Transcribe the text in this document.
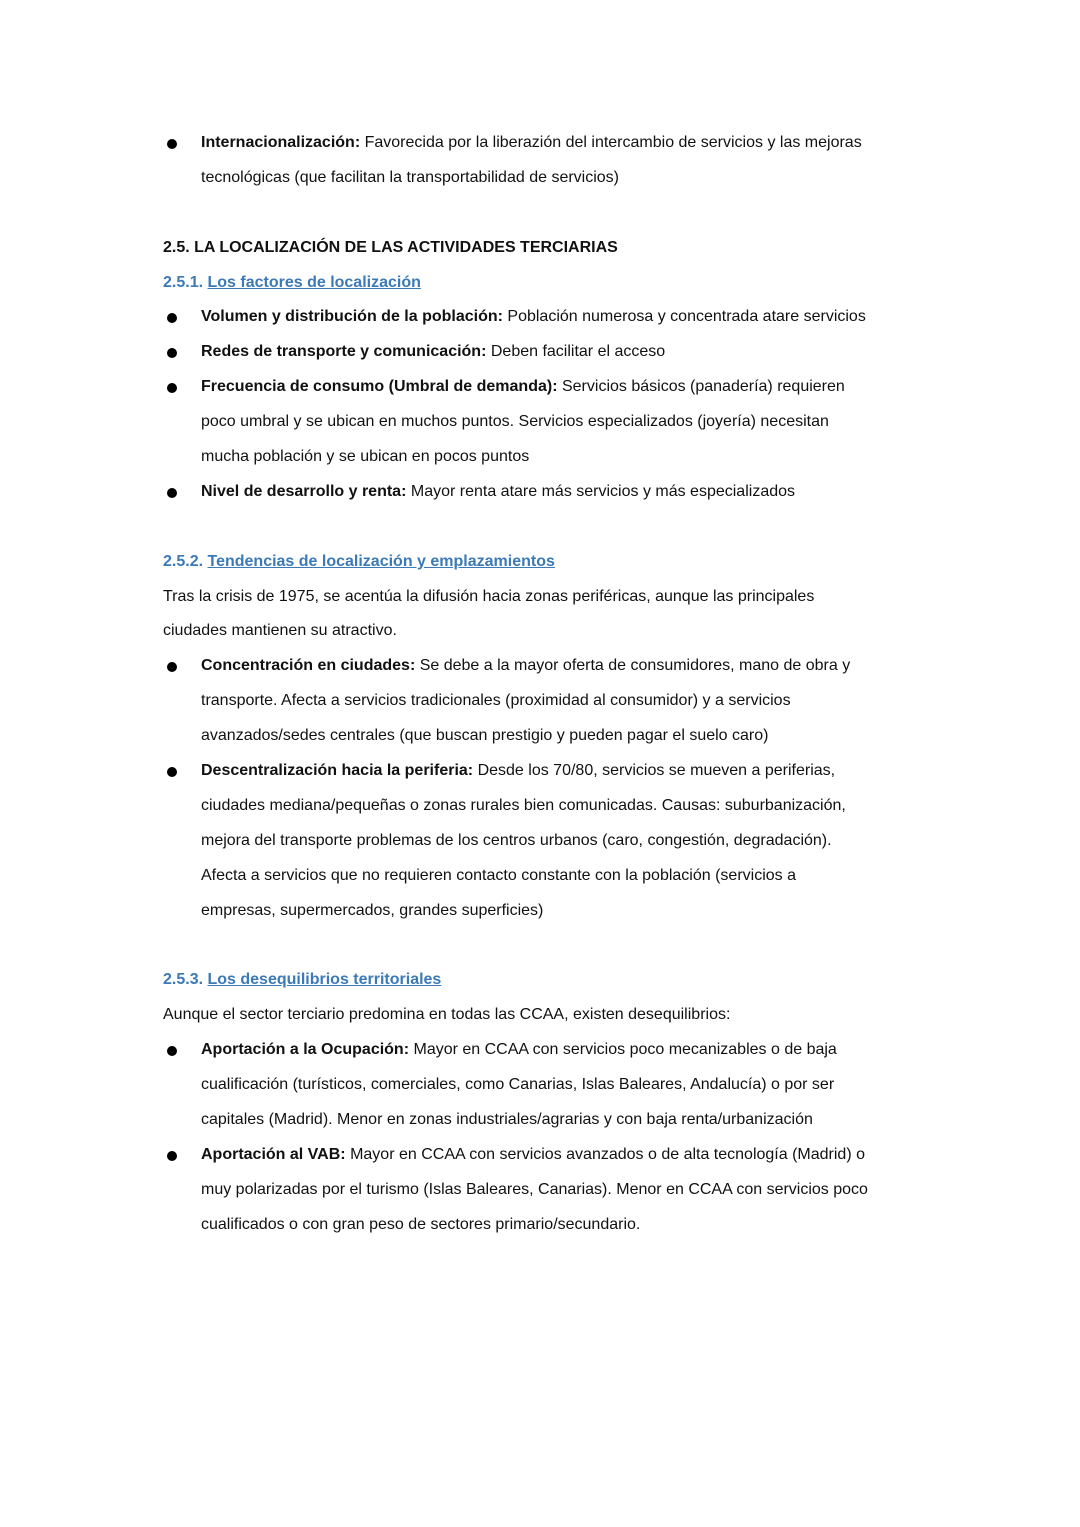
Internacionalización: Favorecida por la liberazión del intercambio de servicios y las mejoras
tecnológicas (que facilitan la transportabilidad de servicios)
2.5. LA LOCALIZACIÓN DE LAS ACTIVIDADES TERCIARIAS
2.5.1. Los factores de localización
Volumen y distribución de la población: Población numerosa y concentrada atare servicios
Redes de transporte y comunicación: Deben facilitar el acceso
Frecuencia de consumo (Umbral de demanda): Servicios básicos (panadería) requieren
poco umbral y se ubican en muchos puntos. Servicios especializados (joyería) necesitan
mucha población y se ubican en pocos puntos
Nivel de desarrollo y renta: Mayor renta atare más servicios y más especializados
2.5.2. Tendencias de localización y emplazamientos
Tras la crisis de 1975, se acentúa la difusión hacia zonas periféricas, aunque las principales
ciudades mantienen su atractivo.
Concentración en ciudades: Se debe a la mayor oferta de consumidores, mano de obra y
transporte. Afecta a servicios tradicionales (proximidad al consumidor) y a servicios
avanzados/sedes centrales (que buscan prestigio y pueden pagar el suelo caro)
Descentralización hacia la periferia: Desde los 70/80, servicios se mueven a periferias,
ciudades mediana/pequeñas o zonas rurales bien comunicadas. Causas: suburbanización,
mejora del transporte problemas de los centros urbanos (caro, congestión, degradación).
Afecta a servicios que no requieren contacto constante con la población (servicios a
empresas, supermercados, grandes superficies)
2.5.3. Los desequilibrios territoriales
Aunque el sector terciario predomina en todas las CCAA, existen desequilibrios:
Aportación a la Ocupación: Mayor en CCAA con servicios poco mecanizables o de baja
cualificación (turísticos, comerciales, como Canarias, Islas Baleares, Andalucía) o por ser
capitales (Madrid). Menor en zonas industriales/agrarias y con baja renta/urbanización
Aportación al VAB: Mayor en CCAA con servicios avanzados o de alta tecnología (Madrid) o
muy polarizadas por el turismo (Islas Baleares, Canarias). Menor en CCAA con servicios poco
cualificados o con gran peso de sectores primario/secundario.
